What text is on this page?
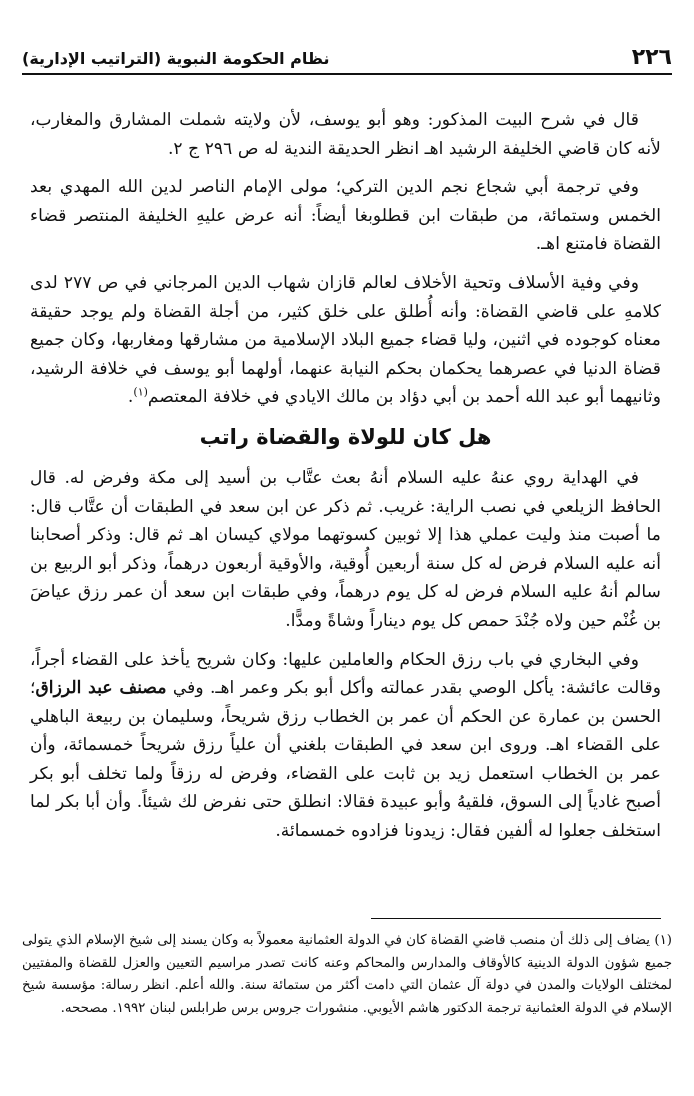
٢٢٦
نظام الحكومة النبوية (التراتيب الإدارية)

قال في شرح البيت المذكور: وهو أبو يوسف، لأن ولايته شملت المشارق والمغارب، لأنه كان قاضي الخليفة الرشيد اهـ انظر الحديقة الندية له ص ٢٩٦ ج ٢.

وفي ترجمة أبي شجاع نجم الدين التركي؛ مولى الإمام الناصر لدين الله المهدي بعد الخمس وستمائة، من طبقات ابن قطلوبغا أيضاً: أنه عرض عليهِ الخليفة المنتصر قضاء القضاة فامتنع اهـ.

وفي وفية الأسلاف وتحية الأخلاف لعالم قازان شهاب الدين المرجاني في ص ٢٧٧ لدى كلامهِ على قاضي القضاة: وأنه أُطلق على خلق كثير، من أجلة القضاة ولم يوجد حقيقة معناه كوجوده في اثنين، وليا قضاء جميع البلاد الإسلامية من مشارقها ومغاربها، وكان جميع قضاة الدنيا في عصرهما يحكمان بحكم النيابة عنهما، أولهما أبو يوسف في خلافة الرشيد، وثانيهما أبو عبد الله أحمد بن أبي دؤاد بن مالك الايادي في خلافة المعتصم$^{(١)}$.

هل كان للولاة والقضاة راتب

في الهداية روي عنهُ عليه السلام أنهُ بعث عتَّاب بن أسيد إلى مكة وفرض له. قال الحافظ الزيلعي في نصب الراية: غريب. ثم ذكر عن ابن سعد في الطبقات أن عتَّاب قال: ما أصبت منذ وليت عملي هذا إلا ثوبين كسوتهما مولاي كيسان اهـ ثم قال: وذكر أصحابنا أنه عليه السلام فرض له كل سنة أربعين أُوقية، والأوقية أربعون درهماً، وذكر أبو الربيع بن سالم أنهُ عليه السلام فرض له كل يوم درهماً، وفي طبقات ابن سعد أن عمر رزق عياضَ بن غُنْم حين ولاه جُنْدَ حمص كل يوم ديناراً وشاةً ومدًّا.

وفي البخاري في باب رزق الحكام والعاملين عليها: وكان شريح يأخذ على القضاء أجراً، وقالت عائشة: يأكل الوصي بقدر عمالته وأكل أبو بكر وعمر اهـ. وفي مصنف عبد الرزاق؛ الحسن بن عمارة عن الحكم أن عمر بن الخطاب رزق شريحاً، وسليمان بن ربيعة الباهلي على القضاء اهـ. وروى ابن سعد في الطبقات بلغني أن علياً رزق شريحاً خمسمائة، وأن عمر بن الخطاب استعمل زيد بن ثابت على القضاء، وفرض له رزقاً ولما تخلف أبو بكر أصبح غادياً إلى السوق، فلقيهُ وأبو عبيدة فقالا: انطلق حتى نفرض لك شيئاً. وأن أبا بكر لما استخلف جعلوا له ألفين فقال: زيدونا فزادوه خمسمائة.

(١) يضاف إلى ذلك أن منصب قاضي القضاة كان في الدولة العثمانية معمولاً به وكان يسند إلى شيخ الإسلام الذي يتولى جميع شؤون الدولة الدينية كالأوقاف والمدارس والمحاكم وعنه كانت تصدر مراسيم التعيين والعزل للقضاة والمفتيين لمختلف الولايات والمدن في دولة آل عثمان التي دامت أكثر من ستمائة سنة. والله أعلم. انظر رسالة: مؤسسة شيخ الإسلام في الدولة العثمانية ترجمة الدكتور هاشم الأيوبي. منشورات جروس برس طرابلس لبنان ١٩٩٢. مصححه.
